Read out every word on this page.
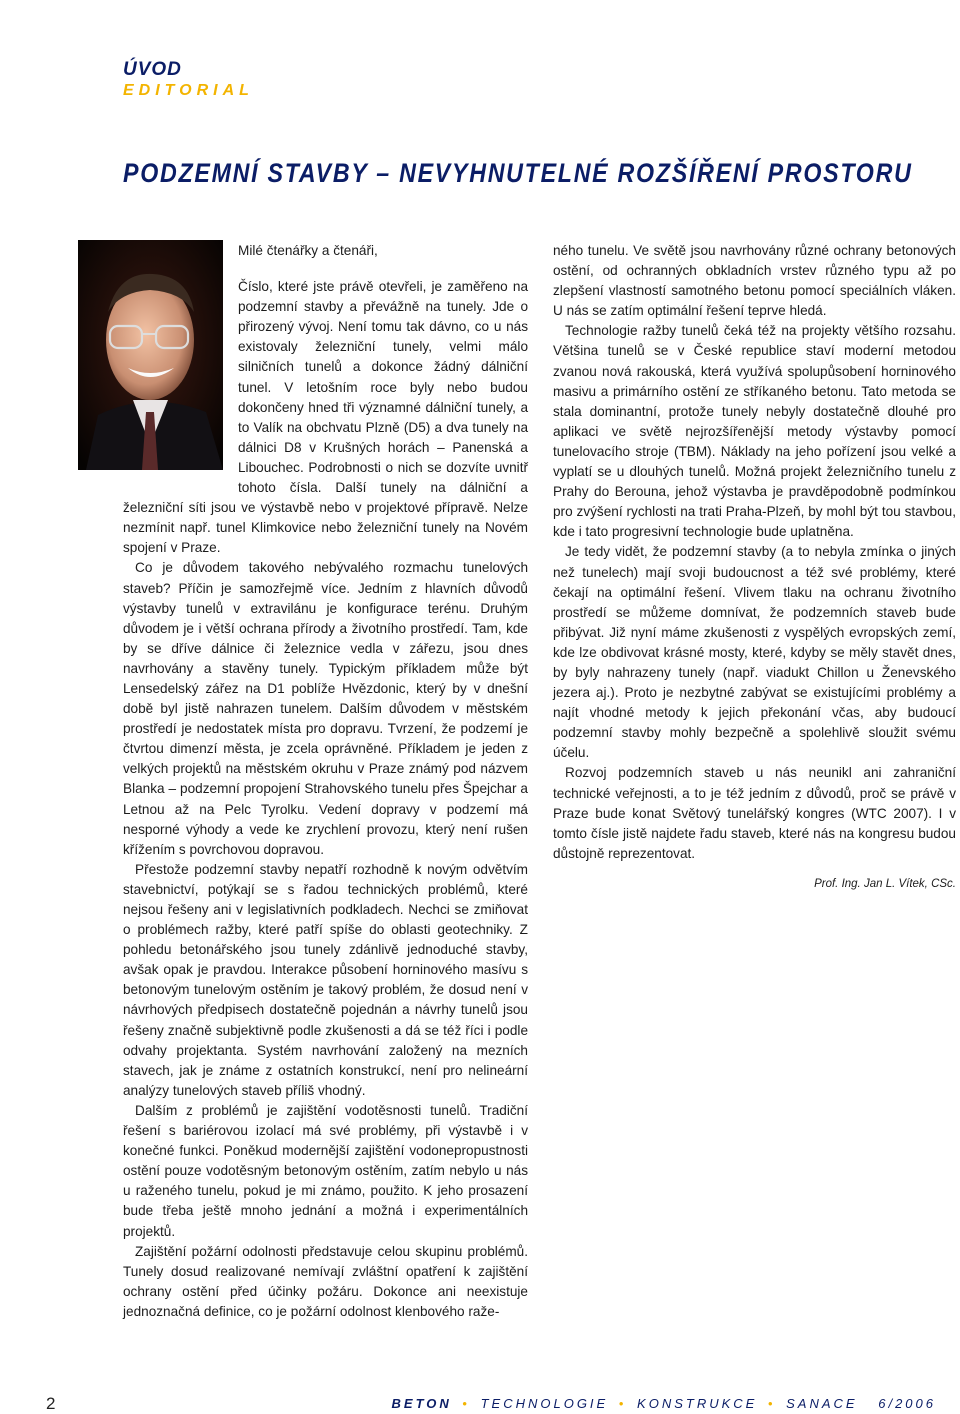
ÚVOD
EDITORIAL
PODZEMNÍ STAVBY – NEVYHNUTELNÉ ROZŠÍŘENÍ PROSTORU

Milé čtenářky a čtenáři,

Číslo, které jste právě otevřeli, je zaměřeno na podzemní stavby a převážně na tunely. Jde o přirozený vývoj. Není tomu tak dávno, co u nás existovaly železniční tunely, velmi málo silničních tunelů a dokonce žádný dálniční tunel. V letošním roce byly nebo budou dokončeny hned tři významné dálniční tunely, a to Valík na obchvatu Plzně (D5) a dva tunely na dálnici D8 v Krušných horách – Panenská a Libouchec. Podrobnosti o nich se dozvíte uvnitř tohoto čísla. Další tunely na dálniční a železniční síti jsou ve výstavbě nebo v projektové přípravě. Nelze nezmínit např. tunel Klimkovice nebo železniční tunely na Novém spojení v Praze.

Co je důvodem takového nebývalého rozmachu tunelových staveb? Příčin je samozřejmě více. Jedním z hlavních důvodů výstavby tunelů v extravilánu je konfigurace terénu. Druhým důvodem je i větší ochrana přírody a životního prostředí. Tam, kde by se dříve dálnice či železnice vedla v zářezu, jsou dnes navrhovány a stavěny tunely. Typickým příkladem může být Lensedelský zářez na D1 poblíže Hvězdonic, který by v dnešní době byl jistě nahrazen tunelem. Dalším důvodem v městském prostředí je nedostatek místa pro dopravu. Tvrzení, že podzemí je čtvrtou dimenzí města, je zcela oprávněné. Příkladem je jeden z velkých projektů na městském okruhu v Praze známý pod názvem Blanka – podzemní propojení Strahovského tunelu přes Špejchar a Letnou až na Pelc Tyrolku. Vedení dopravy v podzemí má nesporné výhody a vede ke zrychlení provozu, který není rušen křížením s povrchovou dopravou.

Přestože podzemní stavby nepatří rozhodně k novým odvětvím stavebnictví, potýkají se s řadou technických problémů, které nejsou řešeny ani v legislativních podkladech. Nechci se zmiňovat o problémech ražby, které patří spíše do oblasti geotechniky. Z pohledu betonářského jsou tunely zdánlivě jednoduché stavby, avšak opak je pravdou. Interakce působení horninového masívu s betonovým tunelovým ostěním je takový problém, že dosud není v návrhových předpisech dostatečně pojednán a návrhy tunelů jsou řešeny značně subjektivně podle zkušenosti a dá se též říci i podle odvahy projektanta. Systém navrhování založený na mezních stavech, jak je známe z ostatních konstrukcí, není pro nelineární analýzy tunelových staveb příliš vhodný.

Dalším z problémů je zajištění vodotěsnosti tunelů. Tradiční řešení s bariérovou izolací má své problémy, při výstavbě i v konečné funkci. Poněkud modernější zajištění vodonepropustnosti ostění pouze vodotěsným betonovým ostěním, zatím nebylo u nás u raženého tunelu, pokud je mi známo, použito. K jeho prosazení bude třeba ještě mnoho jednání a možná i experimentálních projektů.

Zajištění požární odolnosti představuje celou skupinu problémů. Tunely dosud realizované nemívají zvláštní opatření k zajištění ochrany ostění před účinky požáru. Dokonce ani neexistuje jednoznačná definice, co je požární odolnost klenbového raže-

ného tunelu. Ve světě jsou navrhovány různé ochrany betonových ostění, od ochranných obkladních vrstev různého typu až po zlepšení vlastností samotného betonu pomocí speciálních vláken. U nás se zatím optimální řešení teprve hledá.

Technologie ražby tunelů čeká též na projekty většího rozsahu. Většina tunelů se v České republice staví moderní metodou zvanou nová rakouská, která využívá spolupůsobení horninového masivu a primárního ostění ze stříkaného betonu. Tato metoda se stala dominantní, protože tunely nebyly dostatečně dlouhé pro aplikaci ve světě nejrozšířenější metody výstavby pomocí tunelovacího stroje (TBM). Náklady na jeho pořízení jsou velké a vyplatí se u dlouhých tunelů. Možná projekt železničního tunelu z Prahy do Berouna, jehož výstavba je pravděpodobně podmínkou pro zvýšení rychlosti na trati Praha-Plzeň, by mohl být tou stavbou, kde i tato progresivní technologie bude uplatněna.

Je tedy vidět, že podzemní stavby (a to nebyla zmínka o jiných než tunelech) mají svoji budoucnost a též své problémy, které čekají na optimální řešení. Vlivem tlaku na ochranu životního prostředí se můžeme domnívat, že podzemních staveb bude přibývat. Již nyní máme zkušenosti z vyspělých evropských zemí, kde lze obdivovat krásné mosty, které, kdyby se měly stavět dnes, by byly nahrazeny tunely (např. viadukt Chillon u Ženevského jezera aj.). Proto je nezbytné zabývat se existujícími problémy a najít vhodné metody k jejich překonání včas, aby budoucí podzemní stavby mohly bezpečně a spolehlivě sloužit svému účelu.

Rozvoj podzemních staveb u nás neunikl ani zahraniční technické veřejnosti, a to je též jedním z důvodů, proč se právě v Praze bude konat Světový tunelářský kongres (WTC 2007). I v tomto čísle jistě najdete řadu staveb, které nás na kongresu budou důstojně reprezentovat.

Prof. Ing. Jan L. Vítek, CSc.
2	BETON • TECHNOLOGIE • KONSTRUKCE • SANACE 6/2006
